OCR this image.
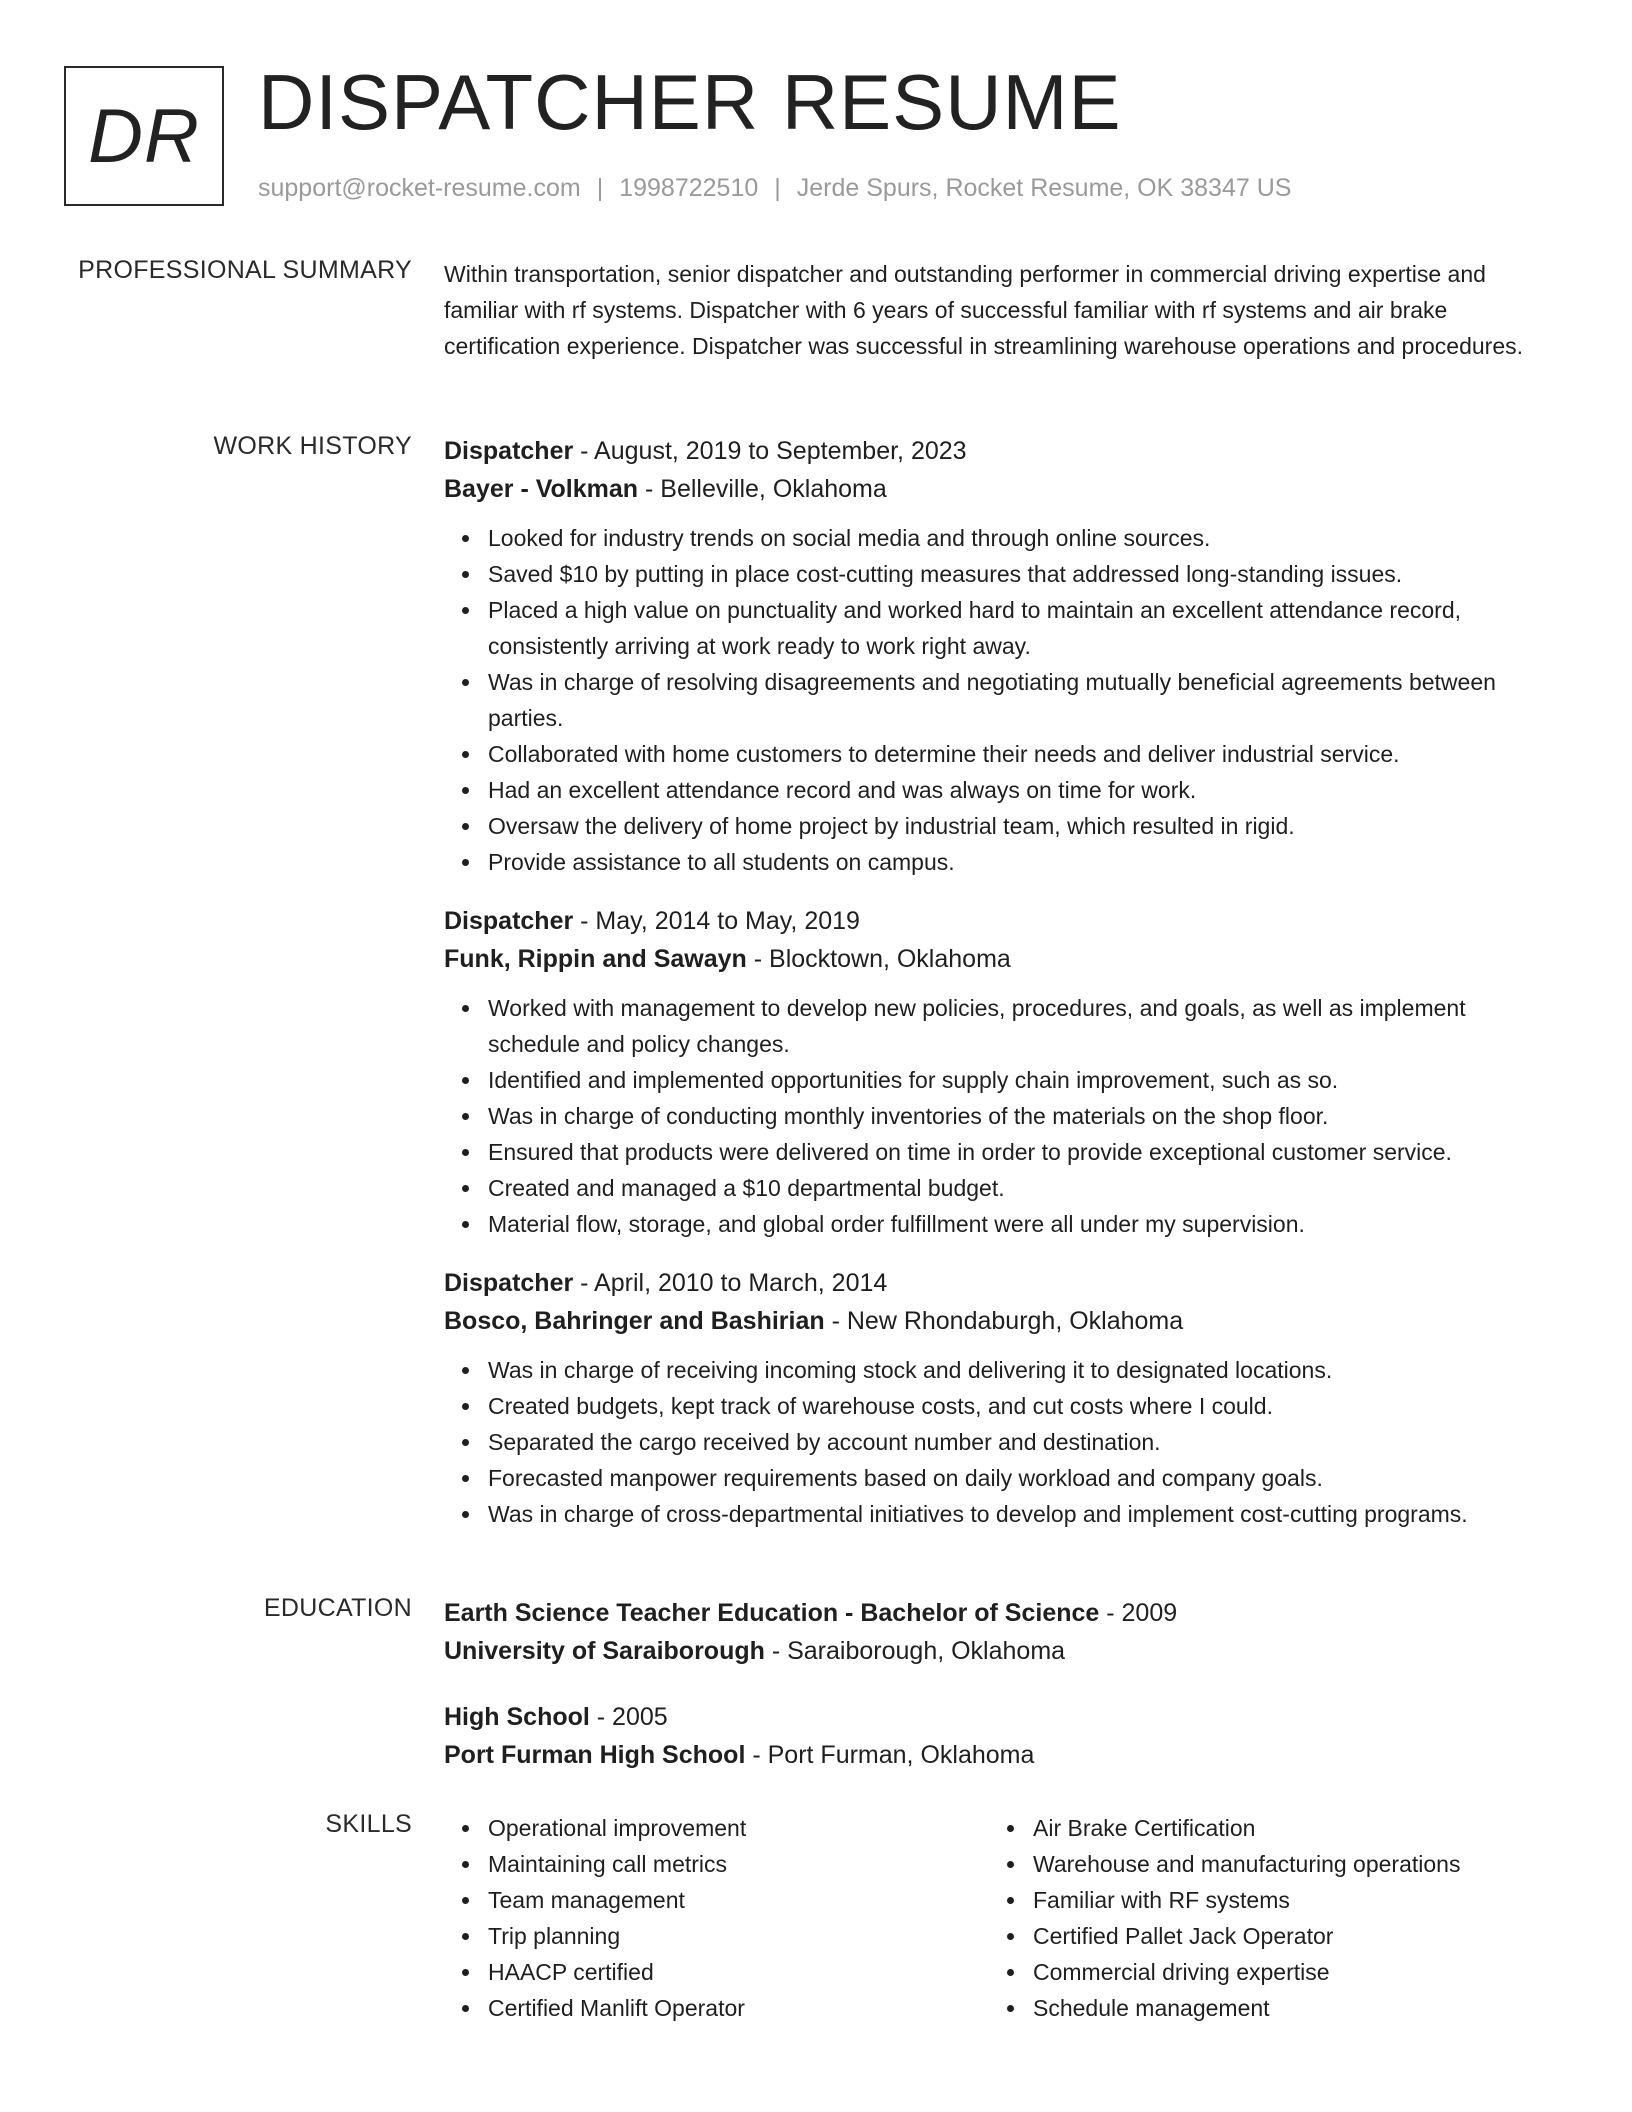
DR DISPATCHER RESUME
support@rocket-resume.com | 1998722510 | Jerde Spurs, Rocket Resume, OK 38347 US
PROFESSIONAL SUMMARY Within transportation, senior dispatcher and outstanding performer in commercial driving expertise and familiar with rf systems. Dispatcher with 6 years of successful familiar with rf systems and air brake certification experience. Dispatcher was successful in streamlining warehouse operations and procedures.

WORK HISTORY Dispatcher - August, 2019 to September, 2023
Bayer - Volkman - Belleville, Oklahoma
Looked for industry trends on social media and through online sources.
Saved $10 by putting in place cost-cutting measures that addressed long-standing issues.
Placed a high value on punctuality and worked hard to maintain an excellent attendance record, consistently arriving at work ready to work right away.
Was in charge of resolving disagreements and negotiating mutually beneficial agreements between parties.
Collaborated with home customers to determine their needs and deliver industrial service.
Had an excellent attendance record and was always on time for work.
Oversaw the delivery of home project by industrial team, which resulted in rigid.
Provide assistance to all students on campus.
Dispatcher - May, 2014 to May, 2019
Funk, Rippin and Sawayn - Blocktown, Oklahoma
Worked with management to develop new policies, procedures, and goals, as well as implement schedule and policy changes.
Identified and implemented opportunities for supply chain improvement, such as so.
Was in charge of conducting monthly inventories of the materials on the shop floor.
Ensured that products were delivered on time in order to provide exceptional customer service.
Created and managed a $10 departmental budget.
Material flow, storage, and global order fulfillment were all under my supervision.
Dispatcher - April, 2010 to March, 2014
Bosco, Bahringer and Bashirian - New Rhondaburgh, Oklahoma
Was in charge of receiving incoming stock and delivering it to designated locations.
Created budgets, kept track of warehouse costs, and cut costs where I could.
Separated the cargo received by account number and destination.
Forecasted manpower requirements based on daily workload and company goals.
Was in charge of cross-departmental initiatives to develop and implement cost-cutting programs.
EDUCATION Earth Science Teacher Education - Bachelor of Science - 2009
University of Saraiborough - Saraiborough, Oklahoma
High School - 2005
Port Furman High School - Port Furman, Oklahoma
SKILLS	Operational improvement
Maintaining call metrics
Team management
Trip planning
HAACP certified
Certified Manlift Operator
Air Brake Certification
Warehouse and manufacturing operations
Familiar with RF systems
Certified Pallet Jack Operator
Commercial driving expertise
Schedule management
